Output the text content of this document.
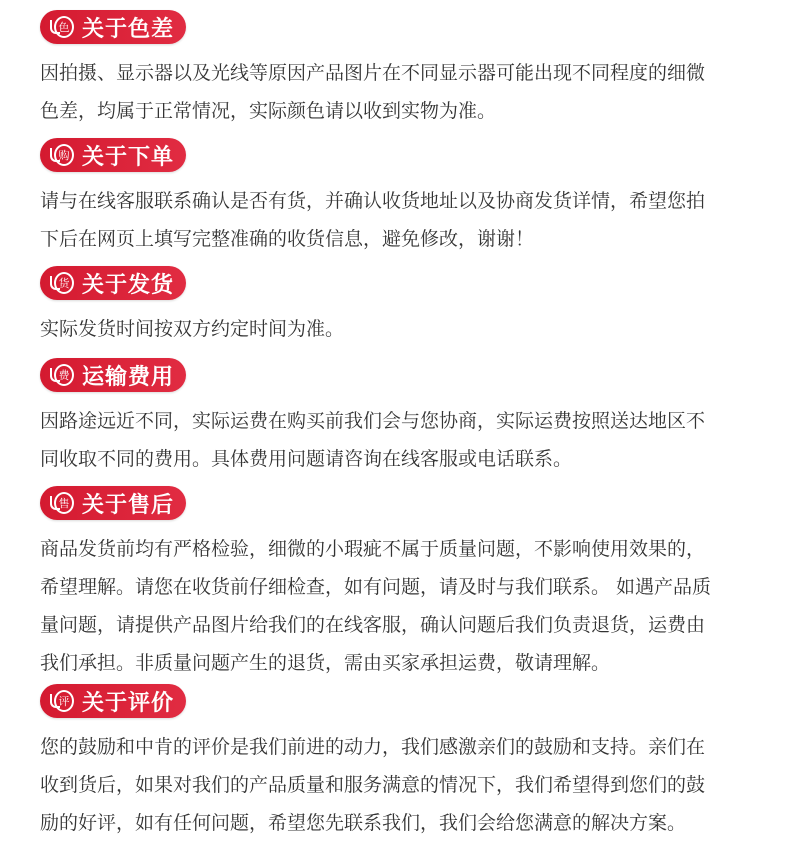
色 关于色差
因拍摄、显示器以及光线等原因产品图片在不同显示器可能出现不同程度的细微
色差，均属于正常情况，实际颜色请以收到实物为准。
购 关于下单
请与在线客服联系确认是否有货，并确认收货地址以及协商发货详情，希望您拍
下后在网页上填写完整准确的收货信息，避免修改，谢谢！
货 关于发货
实际发货时间按双方约定时间为准。
费 运输费用
因路途远近不同，实际运费在购买前我们会与您协商，实际运费按照送达地区不
同收取不同的费用。具体费用问题请咨询在线客服或电话联系。
售 关于售后
商品发货前均有严格检验，细微的小瑕疵不属于质量问题，不影响使用效果的，
希望理解。请您在收货前仔细检查，如有问题，请及时与我们联系。 如遇产品质
量问题，请提供产品图片给我们的在线客服，确认问题后我们负责退货，运费由
我们承担。非质量问题产生的退货，需由买家承担运费，敬请理解。
评 关于评价
您的鼓励和中肯的评价是我们前进的动力，我们感激亲们的鼓励和支持。亲们在
收到货后，如果对我们的产品质量和服务满意的情况下，我们希望得到您们的鼓
励的好评，如有任何问题，希望您先联系我们，我们会给您满意的解决方案。
